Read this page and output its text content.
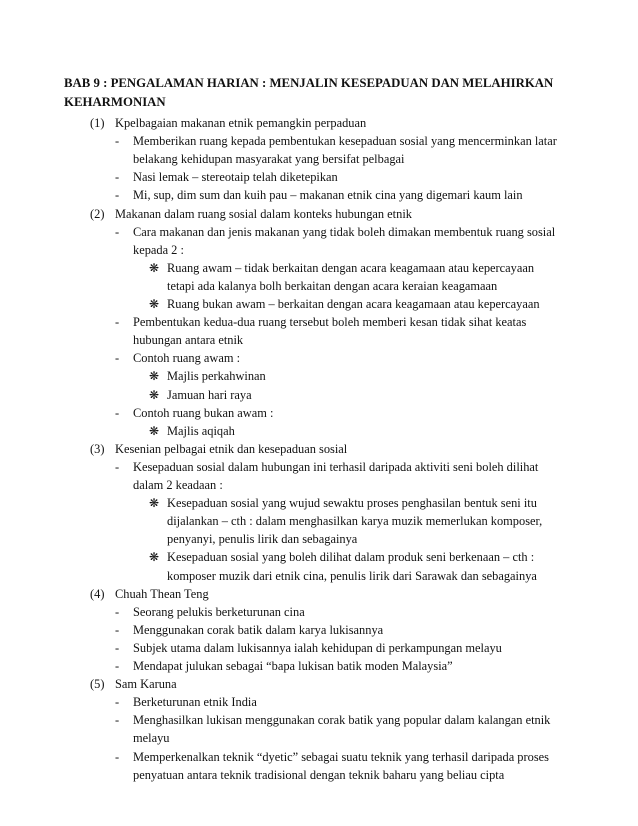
BAB 9 : PENGALAMAN HARIAN : MENJALIN KESEPADUAN DAN MELAHIRKAN KEHARMONIAN
(1) Kpelbagaian makanan etnik pemangkin perpaduan
- Memberikan ruang kepada pembentukan kesepaduan sosial yang mencerminkan latar
belakang kehidupan masyarakat yang bersifat pelbagai
- Nasi lemak – stereotaip telah diketepikan
- Mi, sup, dim sum dan kuih pau – makanan etnik cina yang digemari kaum lain
(2) Makanan dalam ruang sosial dalam konteks hubungan etnik
- Cara makanan dan jenis makanan yang tidak boleh dimakan membentuk ruang sosial
kepada 2 :
❋ Ruang awam – tidak berkaitan dengan acara keagamaan atau kepercayaan
tetapi ada kalanya bolh berkaitan dengan acara keraian keagamaan
❋ Ruang bukan awam – berkaitan dengan acara keagamaan atau kepercayaan
- Pembentukan kedua-dua ruang tersebut boleh memberi kesan tidak sihat keatas
hubungan antara etnik
- Contoh ruang awam :
❋ Majlis perkahwinan
❋ Jamuan hari raya
- Contoh ruang bukan awam :
❋ Majlis aqiqah
(3) Kesenian pelbagai etnik dan kesepaduan sosial
- Kesepaduan sosial dalam hubungan ini terhasil daripada aktiviti seni boleh dilihat
dalam 2 keadaan :
❋ Kesepaduan sosial yang wujud sewaktu proses penghasilan bentuk seni itu
dijalankan – cth : dalam menghasilkan karya muzik memerlukan komposer,
penyanyi, penulis lirik dan sebagainya
❋ Kesepaduan sosial yang boleh dilihat dalam produk seni berkenaan – cth :
komposer muzik dari etnik cina, penulis lirik dari Sarawak dan sebagainya
(4) Chuah Thean Teng
- Seorang pelukis berketurunan cina
- Menggunakan corak batik dalam karya lukisannya
- Subjek utama dalam lukisannya ialah kehidupan di perkampungan melayu
- Mendapat julukan sebagai “bapa lukisan batik moden Malaysia”
(5) Sam Karuna
- Berketurunan etnik India
- Menghasilkan lukisan menggunakan corak batik yang popular dalam kalangan etnik
melayu
- Memperkenalkan teknik “dyetic” sebagai suatu teknik yang terhasil daripada proses
penyatuan antara teknik tradisional dengan teknik baharu yang beliau cipta
